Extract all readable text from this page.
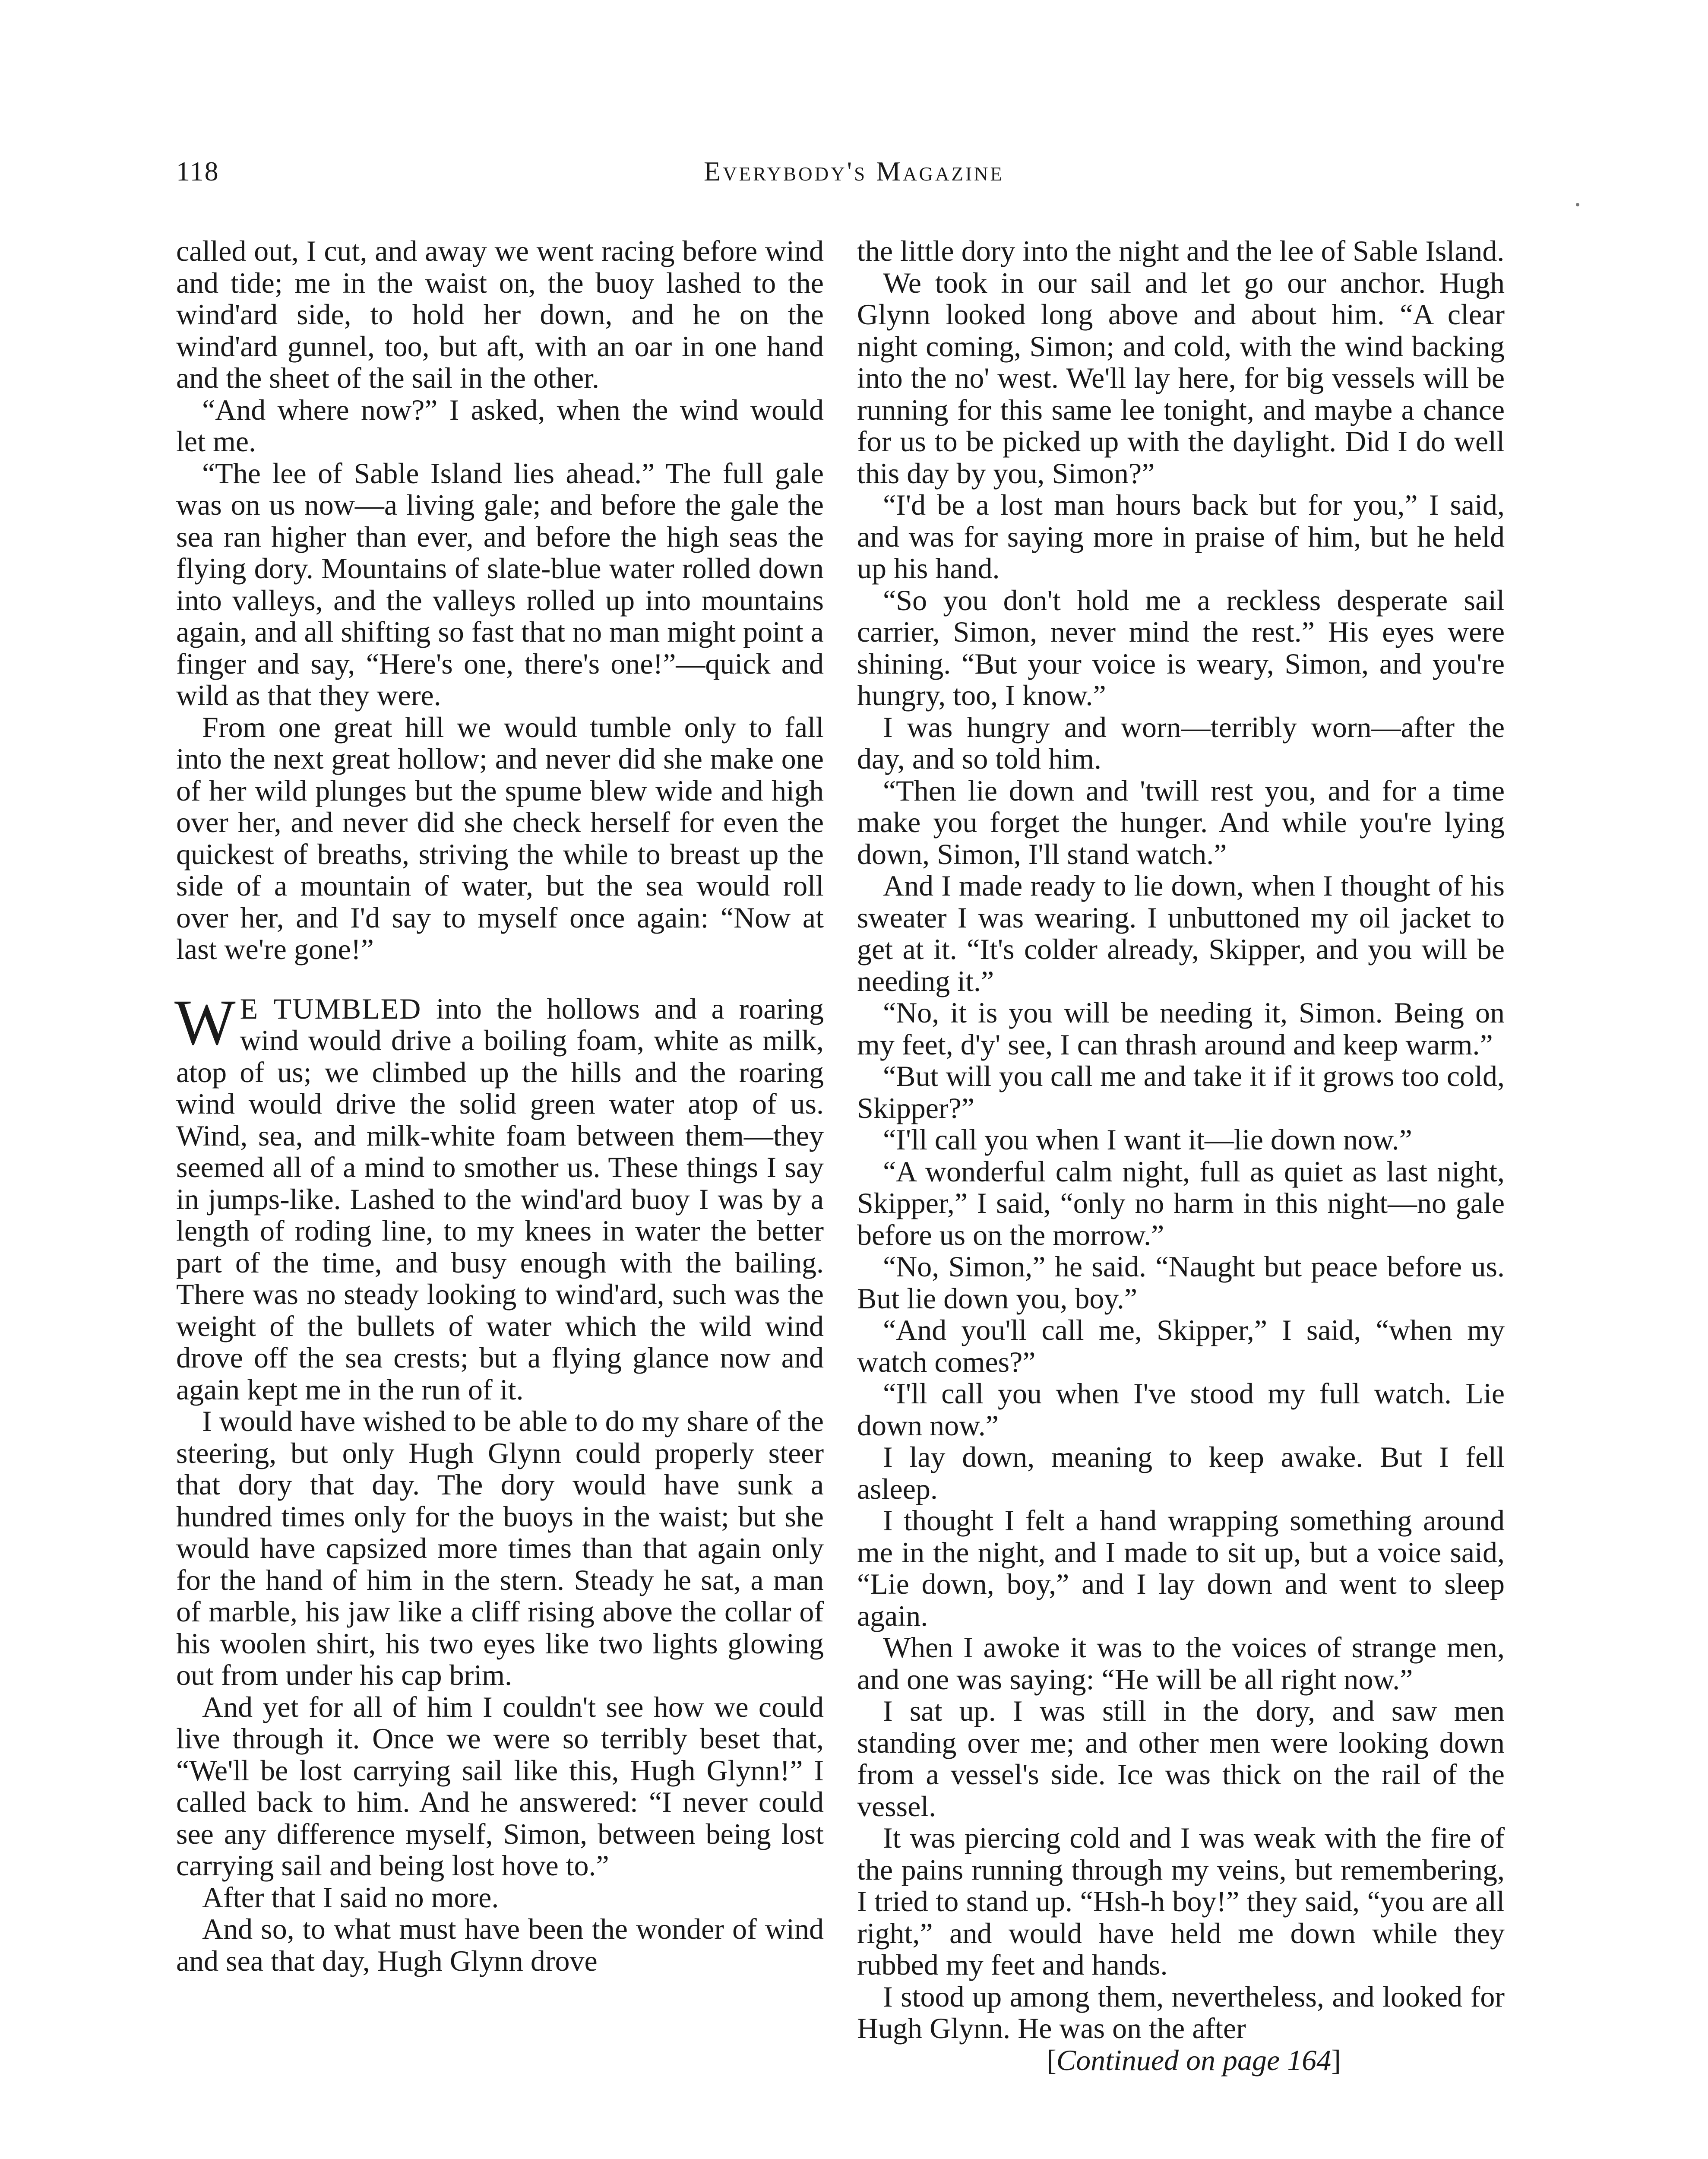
118	Everybody's Magazine

called out, I cut, and away we went racing before wind and tide; me in the waist on, the buoy lashed to the wind'ard side, to hold her down, and he on the wind'ard gunnel, too, but aft, with an oar in one hand and the sheet of the sail in the other.

“And where now?” I asked, when the wind would let me.

“The lee of Sable Island lies ahead.” The full gale was on us now—a living gale; and before the gale the sea ran higher than ever, and before the high seas the flying dory. Mountains of slate-blue water rolled down into valleys, and the valleys rolled up into mountains again, and all shifting so fast that no man might point a finger and say, “Here's one, there's one!”—quick and wild as that they were.

From one great hill we would tumble only to fall into the next great hollow; and never did she make one of her wild plunges but the spume blew wide and high over her, and never did she check herself for even the quickest of breaths, striving the while to breast up the side of a mountain of water, but the sea would roll over her, and I'd say to myself once again: “Now at last we're gone!”

W E TUMBLED into the hollows and a roaring wind would drive a boiling foam, white as milk, atop of us; we climbed up the hills and the roaring wind would drive the solid green water atop of us. Wind, sea, and milk-white foam between them—they seemed all of a mind to smother us. These things I say in jumps-like. Lashed to the wind'ard buoy I was by a length of roding line, to my knees in water the better part of the time, and busy enough with the bailing. There was no steady looking to wind'ard, such was the weight of the bullets of water which the wild wind drove off the sea crests; but a flying glance now and again kept me in the run of it.

I would have wished to be able to do my share of the steering, but only Hugh Glynn could properly steer that dory that day. The dory would have sunk a hundred times only for the buoys in the waist; but she would have capsized more times than that again only for the hand of him in the stern. Steady he sat, a man of marble, his jaw like a cliff rising above the collar of his woolen shirt, his two eyes like two lights glowing out from under his cap brim.

And yet for all of him I couldn't see how we could live through it. Once we were so terribly beset that, “We'll be lost carrying sail like this, Hugh Glynn!” I called back to him. And he answered: “I never could see any difference myself, Simon, between being lost carrying sail and being lost hove to.”

After that I said no more.

And so, to what must have been the wonder of wind and sea that day, Hugh Glynn drove

the little dory into the night and the lee of Sable Island.

We took in our sail and let go our anchor. Hugh Glynn looked long above and about him. “A clear night coming, Simon; and cold, with the wind backing into the no' west. We'll lay here, for big vessels will be running for this same lee tonight, and maybe a chance for us to be picked up with the daylight. Did I do well this day by you, Simon?”

“I'd be a lost man hours back but for you,” I said, and was for saying more in praise of him, but he held up his hand.

“So you don't hold me a reckless desperate sail carrier, Simon, never mind the rest.” His eyes were shining. “But your voice is weary, Simon, and you're hungry, too, I know.”

I was hungry and worn—terribly worn—after the day, and so told him.

“Then lie down and 'twill rest you, and for a time make you forget the hunger. And while you're lying down, Simon, I'll stand watch.”

And I made ready to lie down, when I thought of his sweater I was wearing. I unbuttoned my oil jacket to get at it. “It's colder already, Skipper, and you will be needing it.”

“No, it is you will be needing it, Simon. Being on my feet, d'y' see, I can thrash around and keep warm.”

“But will you call me and take it if it grows too cold, Skipper?”

“I'll call you when I want it—lie down now.”

“A wonderful calm night, full as quiet as last night, Skipper,” I said, “only no harm in this night—no gale before us on the morrow.”

“No, Simon,” he said. “Naught but peace before us. But lie down you, boy.”

“And you'll call me, Skipper,” I said, “when my watch comes?”

“I'll call you when I've stood my full watch. Lie down now.”

I lay down, meaning to keep awake. But I fell asleep.

I thought I felt a hand wrapping something around me in the night, and I made to sit up, but a voice said, “Lie down, boy,” and I lay down and went to sleep again.

When I awoke it was to the voices of strange men, and one was saying: “He will be all right now.”

I sat up. I was still in the dory, and saw men standing over me; and other men were looking down from a vessel's side. Ice was thick on the rail of the vessel.

It was piercing cold and I was weak with the fire of the pains running through my veins, but remembering, I tried to stand up. “Hsh-h boy!” they said, “you are all right,” and would have held me down while they rubbed my feet and hands.

I stood up among them, nevertheless, and looked for Hugh Glynn. He was on the after

[Continued on page 164]
